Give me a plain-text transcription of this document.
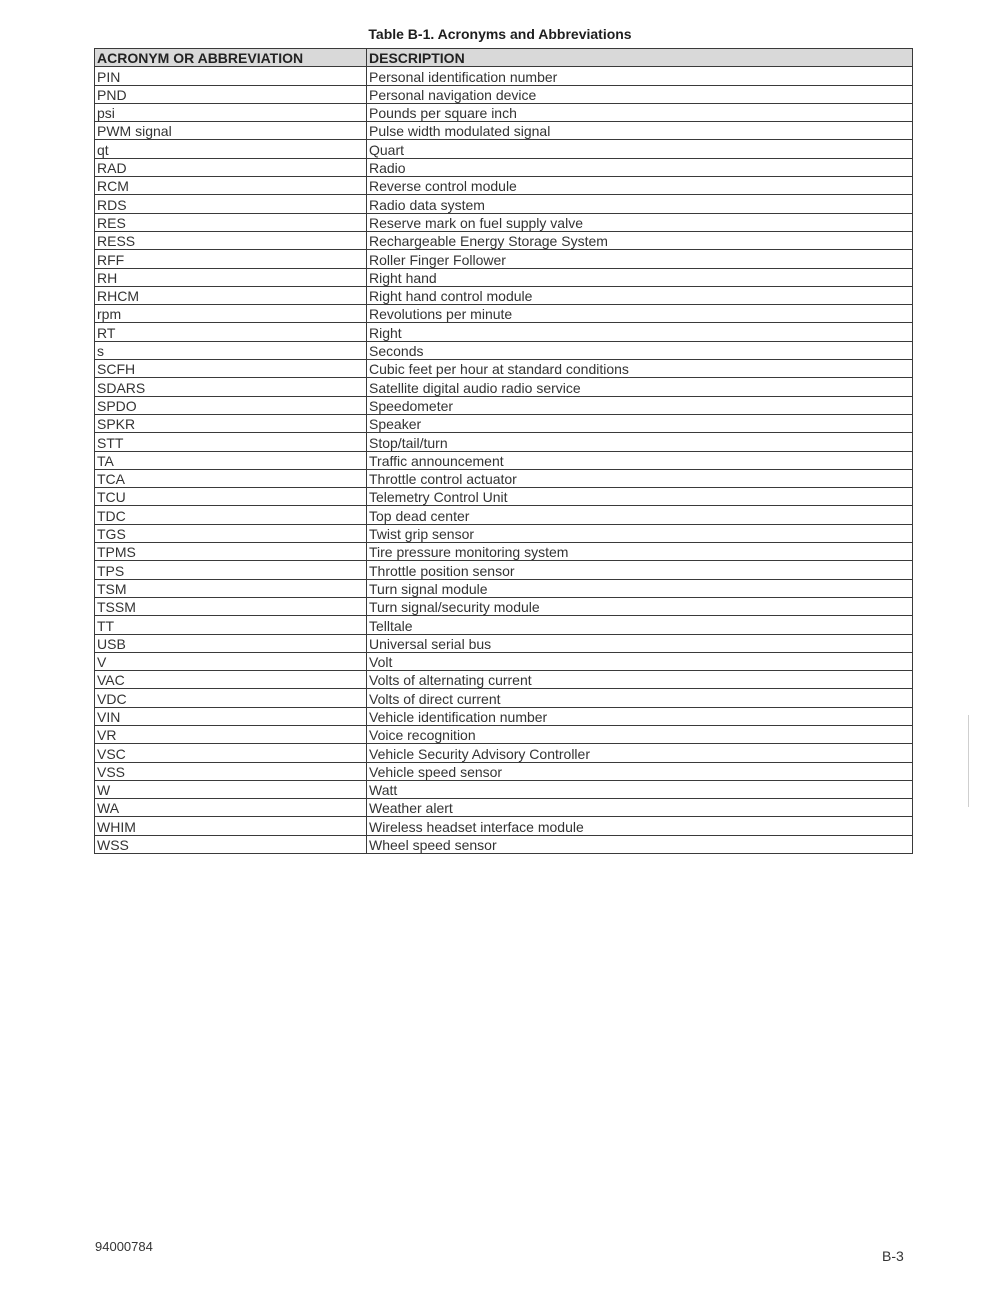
Table B-1. Acronyms and Abbreviations
ACRONYM OR ABBREVIATION	DESCRIPTION
PIN	Personal identification number
PND	Personal navigation device
psi	Pounds per square inch
PWM signal	Pulse width modulated signal
qt	Quart
RAD	Radio
RCM	Reverse control module
RDS	Radio data system
RES	Reserve mark on fuel supply valve
RESS	Rechargeable Energy Storage System
RFF	Roller Finger Follower
RH	Right hand
RHCM	Right hand control module
rpm	Revolutions per minute
RT	Right
s	Seconds
SCFH	Cubic feet per hour at standard conditions
SDARS	Satellite digital audio radio service
SPDO	Speedometer
SPKR	Speaker
STT	Stop/tail/turn
TA	Traffic announcement
TCA	Throttle control actuator
TCU	Telemetry Control Unit
TDC	Top dead center
TGS	Twist grip sensor
TPMS	Tire pressure monitoring system
TPS	Throttle position sensor
TSM	Turn signal module
TSSM	Turn signal/security module
TT	Telltale
USB	Universal serial bus
V	Volt
VAC	Volts of alternating current
VDC	Volts of direct current
VIN	Vehicle identification number
VR	Voice recognition
VSC	Vehicle Security Advisory Controller
VSS	Vehicle speed sensor
W	Watt
WA	Weather alert
WHIM	Wireless headset interface module
WSS	Wheel speed sensor
94000784
B-3
